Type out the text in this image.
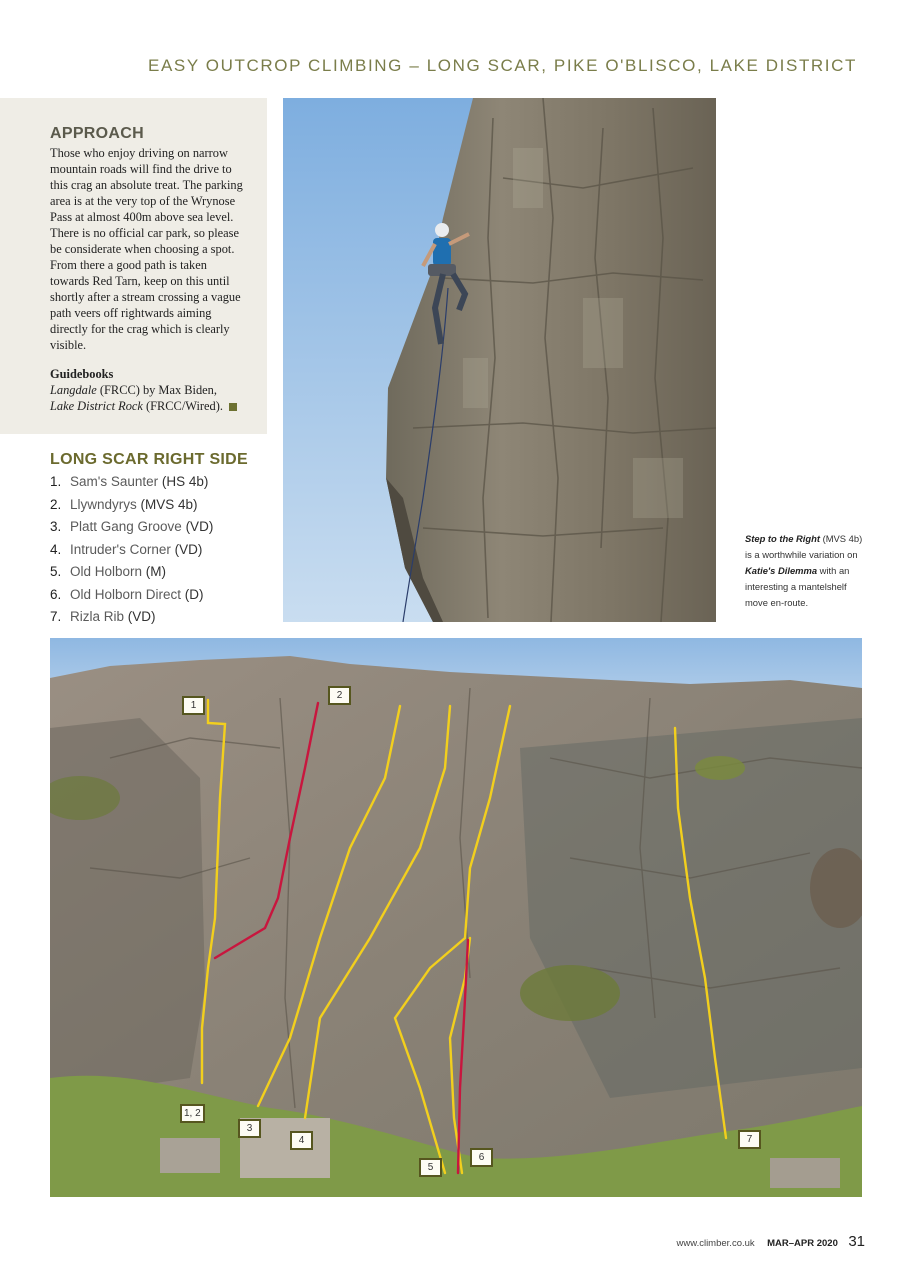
EASY OUTCROP CLIMBING – LONG SCAR, PIKE O'BLISCO, LAKE DISTRICT
APPROACH

Those who enjoy driving on narrow mountain roads will find the drive to this crag an absolute treat. The parking area is at the very top of the Wrynose Pass at almost 400m above sea level. There is no official car park, so please be considerate when choosing a spot. From there a good path is taken towards Red Tarn, keep on this until shortly after a stream crossing a vague path veers off rightwards aiming directly for the crag which is clearly visible.

Guidebooks
Langdale (FRCC) by Max Biden,
Lake District Rock (FRCC/Wired).
LONG SCAR RIGHT SIDE
1. Sam's Saunter (HS 4b)
2. Llywndyrys (MVS 4b)
3. Platt Gang Groove (VD)
4. Intruder's Corner (VD)
5. Old Holborn (M)
6. Old Holborn Direct (D)
7. Rizla Rib (VD)
Step to the Right (MVS 4b) is a worthwhile variation on Katie's Dilemma with an interesting a mantelshelf move en-route.
1
2
1, 2
3
4
5
6
7
www.climber.co.uk MAR–APR 2020 31
